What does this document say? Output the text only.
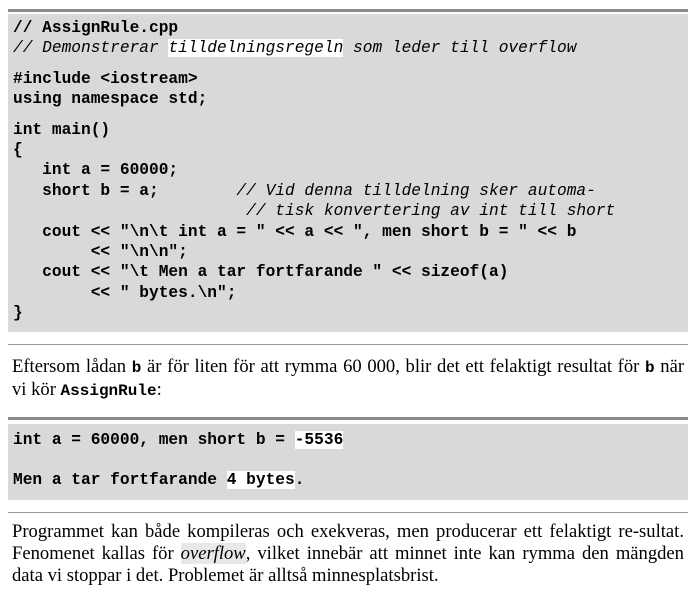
// AssignRule.cpp
// Demonstrerar tilldelningsregeln som leder till overflow
#include <iostream>
using namespace std;
int main()
{
int a = 60000;
short b = a;        // Vid denna tilldelning sker automa-
// tisk konvertering av int till short
cout << "\n\t int a = " << a << ", men short b = " << b
<< "\n\n";
cout << "\t Men a tar fortfarande " << sizeof(a)
<< " bytes.\n";
}
Eftersom lådan b är för liten för att rymma 60 000, blir det ett felaktigt resultat för b när vi kör AssignRule:
int a = 60000, men short b = -5536
Men a tar fortfarande 4 bytes.
Programmet kan både kompileras och exekveras, men producerar ett felaktigt re-sultat. Fenomenet kallas för overflow, vilket innebär att minnet inte kan rymma den mängden data vi stoppar i det. Problemet är alltså minnesplatsbrist.
